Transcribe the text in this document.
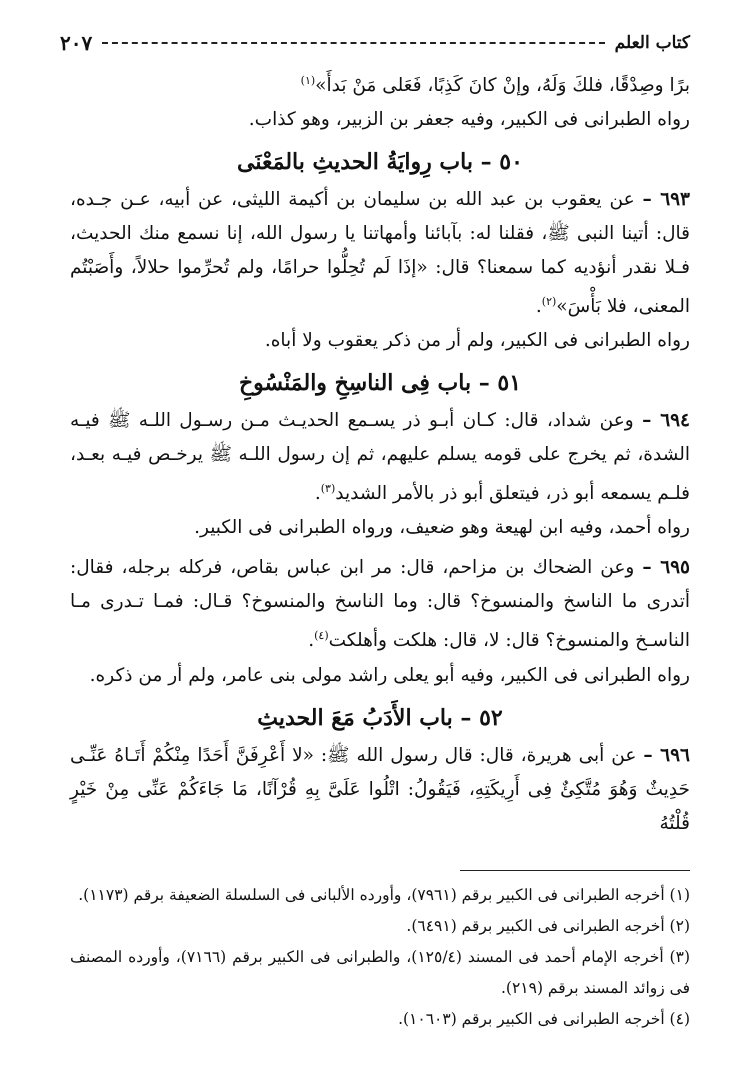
كتاب العلم
٢٠٧

برًا وصِدْقًا، فلكَ وَلَهُ، وإنْ كانَ كَذِبًا، فَعَلى مَنْ بَدأَ»$^{(١)}$

رواه الطبرانى فى الكبير، وفيه جعفر بن الزبير، وهو كذاب.

٥٠ – باب رِوايَةُ الحديثِ بالمَعْنَى

٦٩٣ – عن يعقوب بن عبد الله بن سليمان بن أكيمة الليثى، عن أبيه، عـن جـده، قال: أتينا النبى ﷺ، فقلنا له: بآبائنا وأمهاتنا يا رسول الله، إنا نسمع منك الحديث، فـلا نقدر أنؤديه كما سمعنا؟ قال: «إذَا لَم تُحِلُّوا حرامًا، ولم تُحرِّموا حلالاً، وأَصَبْتُم المعنى، فلا بَأْسَ»$^{(٢)}$.

رواه الطبرانى فى الكبير، ولم أر من ذكر يعقوب ولا أباه.

٥١ – باب فِى الناسِخِ والمَنْسُوخِ

٦٩٤ – وعن شداد، قال: كـان أبـو ذر يسـمع الحديـث مـن رسـول اللـه ﷺ فيـه الشدة، ثم يخرج على قومه يسلم عليهم، ثم إن رسول اللـه ﷺ يرخـص فيـه بعـد، فلـم يسمعه أبو ذر، فيتعلق أبو ذر بالأمر الشديد$^{(٣)}$.

رواه أحمد، وفيه ابن لهيعة وهو ضعيف، ورواه الطبرانى فى الكبير.

٦٩٥ – وعن الضحاك بن مزاحم، قال: مر ابن عباس بقاص، فركله برجله، فقال: أتدرى ما الناسخ والمنسوخ؟ قال: وما الناسخ والمنسوخ؟ قـال: فمـا تـدرى مـا الناسـخ والمنسوخ؟ قال: لا، قال: هلكت وأهلكت$^{(٤)}$.

رواه الطبرانى فى الكبير، وفيه أبو يعلى راشد مولى بنى عامر، ولم أر من ذكره.

٥٢ – باب الأَدَبُ مَعَ الحديثِ

٦٩٦ – عن أبى هريرة، قال: قال رسول الله ﷺ: «لا أَعْرِفَنَّ أَحَدًا مِنْكُمْ أَتَـاهُ عَنِّـى حَدِيثٌ وَهُوَ مُتَّكِئٌ فِى أَرِيكَتِهِ، فَيَقُولُ: اتْلُوا عَلَىَّ بِهِ قُرْآنًا، مَا جَاءَكُمْ عَنِّى مِنْ خَيْرٍ قُلْتُهُ

(١) أخرجه الطبرانى فى الكبير برقم (٧٩٦١)، وأورده الألبانى فى السلسلة الضعيفة برقم (١١٧٣).

(٢) أخرجه الطبرانى فى الكبير برقم (٦٤٩١).

(٣) أخرجه الإمام أحمد فى المسند (١٢٥/٤)، والطبرانى فى الكبير برقم (٧١٦٦)، وأورده المصنف فى زوائد المسند برقم (٢١٩).

(٤) أخرجه الطبرانى فى الكبير برقم (١٠٦٠٣).
